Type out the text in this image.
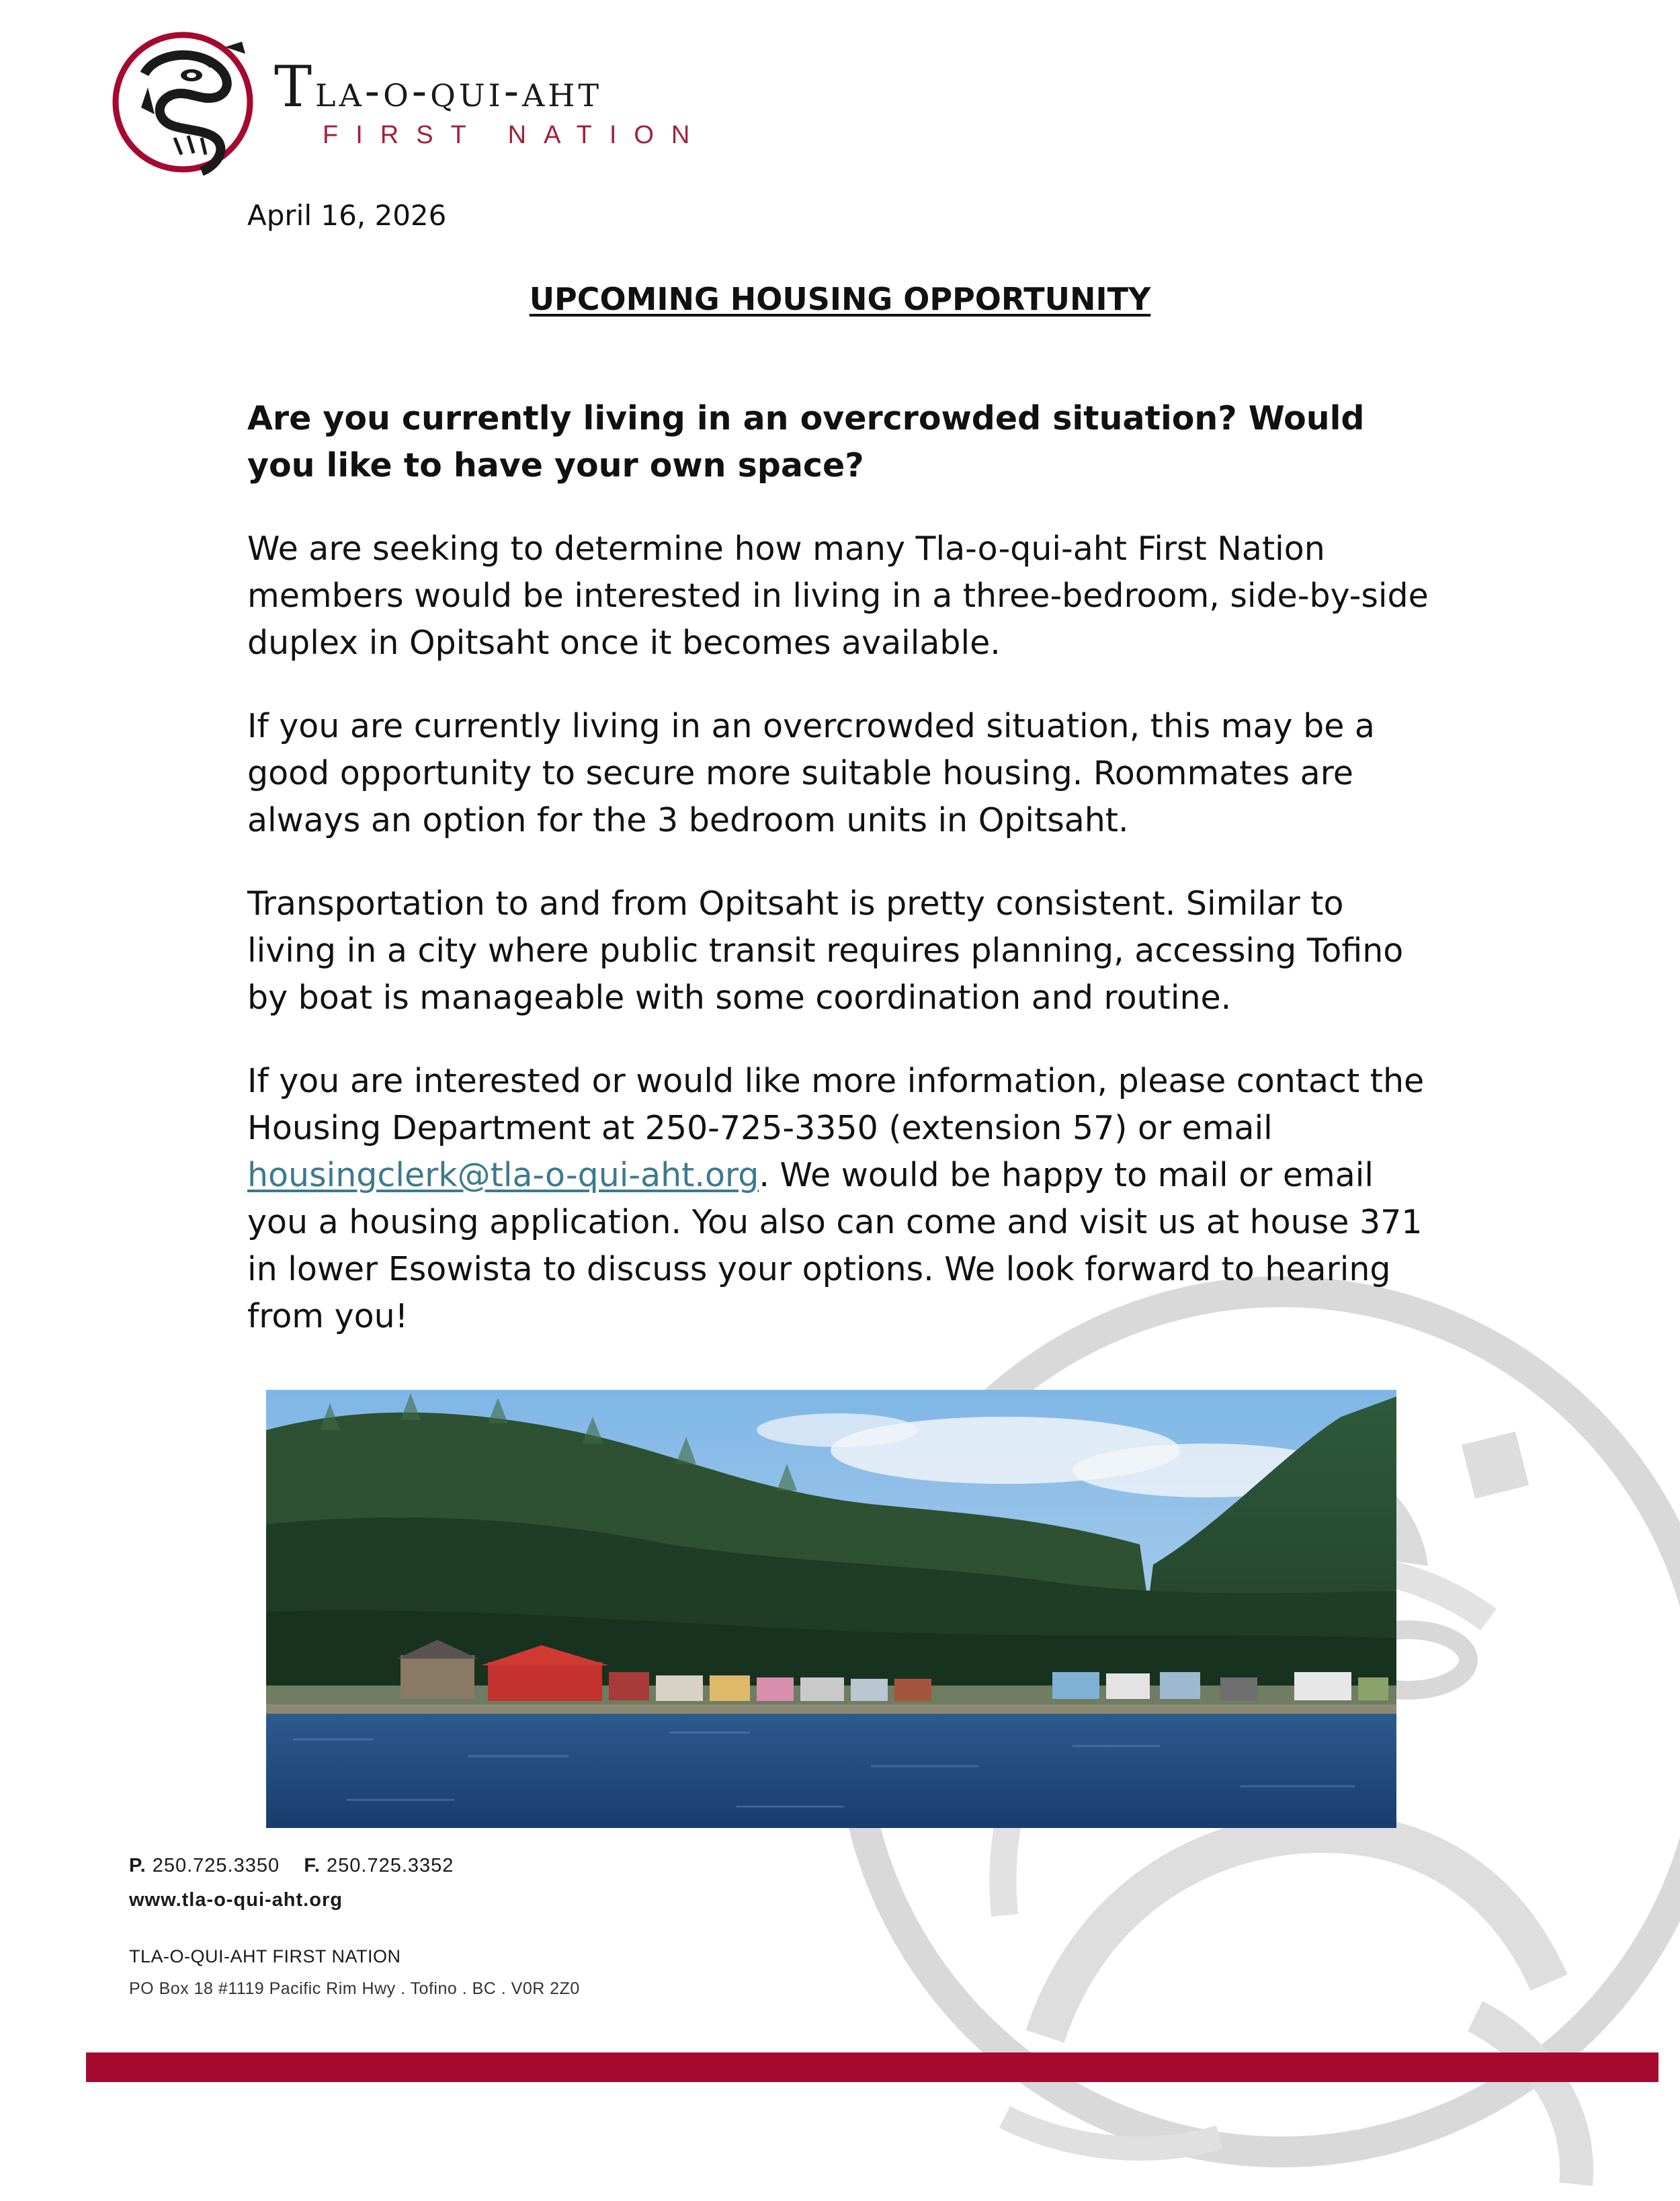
Tla-o-qui-aht
FIRST NATION
April 16, 2026
UPCOMING HOUSING OPPORTUNITY

Are you currently living in an overcrowded situation? Would you like to have your own space?

We are seeking to determine how many Tla-o-qui-aht First Nation members would be interested in living in a three-bedroom, side-by-side duplex in Opitsaht once it becomes available.

If you are currently living in an overcrowded situation, this may be a good opportunity to secure more suitable housing. Roommates are always an option for the 3 bedroom units in Opitsaht.

Transportation to and from Opitsaht is pretty consistent. Similar to living in a city where public transit requires planning, accessing Tofino by boat is manageable with some coordination and routine.

If you are interested or would like more information, please contact the Housing Department at 250-725-3350 (extension 57) or email housingclerk@tla-o-qui-aht.org. We would be happy to mail or email you a housing application. You also can come and visit us at house 371 in lower Esowista to discuss your options. We look forward to hearing from you!

P. 250.725.3350 F. 250.725.3352
www.tla-o-qui-aht.org
TLA-O-QUI-AHT FIRST NATION
PO Box 18 #1119 Pacific Rim Hwy . Tofino . BC . V0R 2Z0
